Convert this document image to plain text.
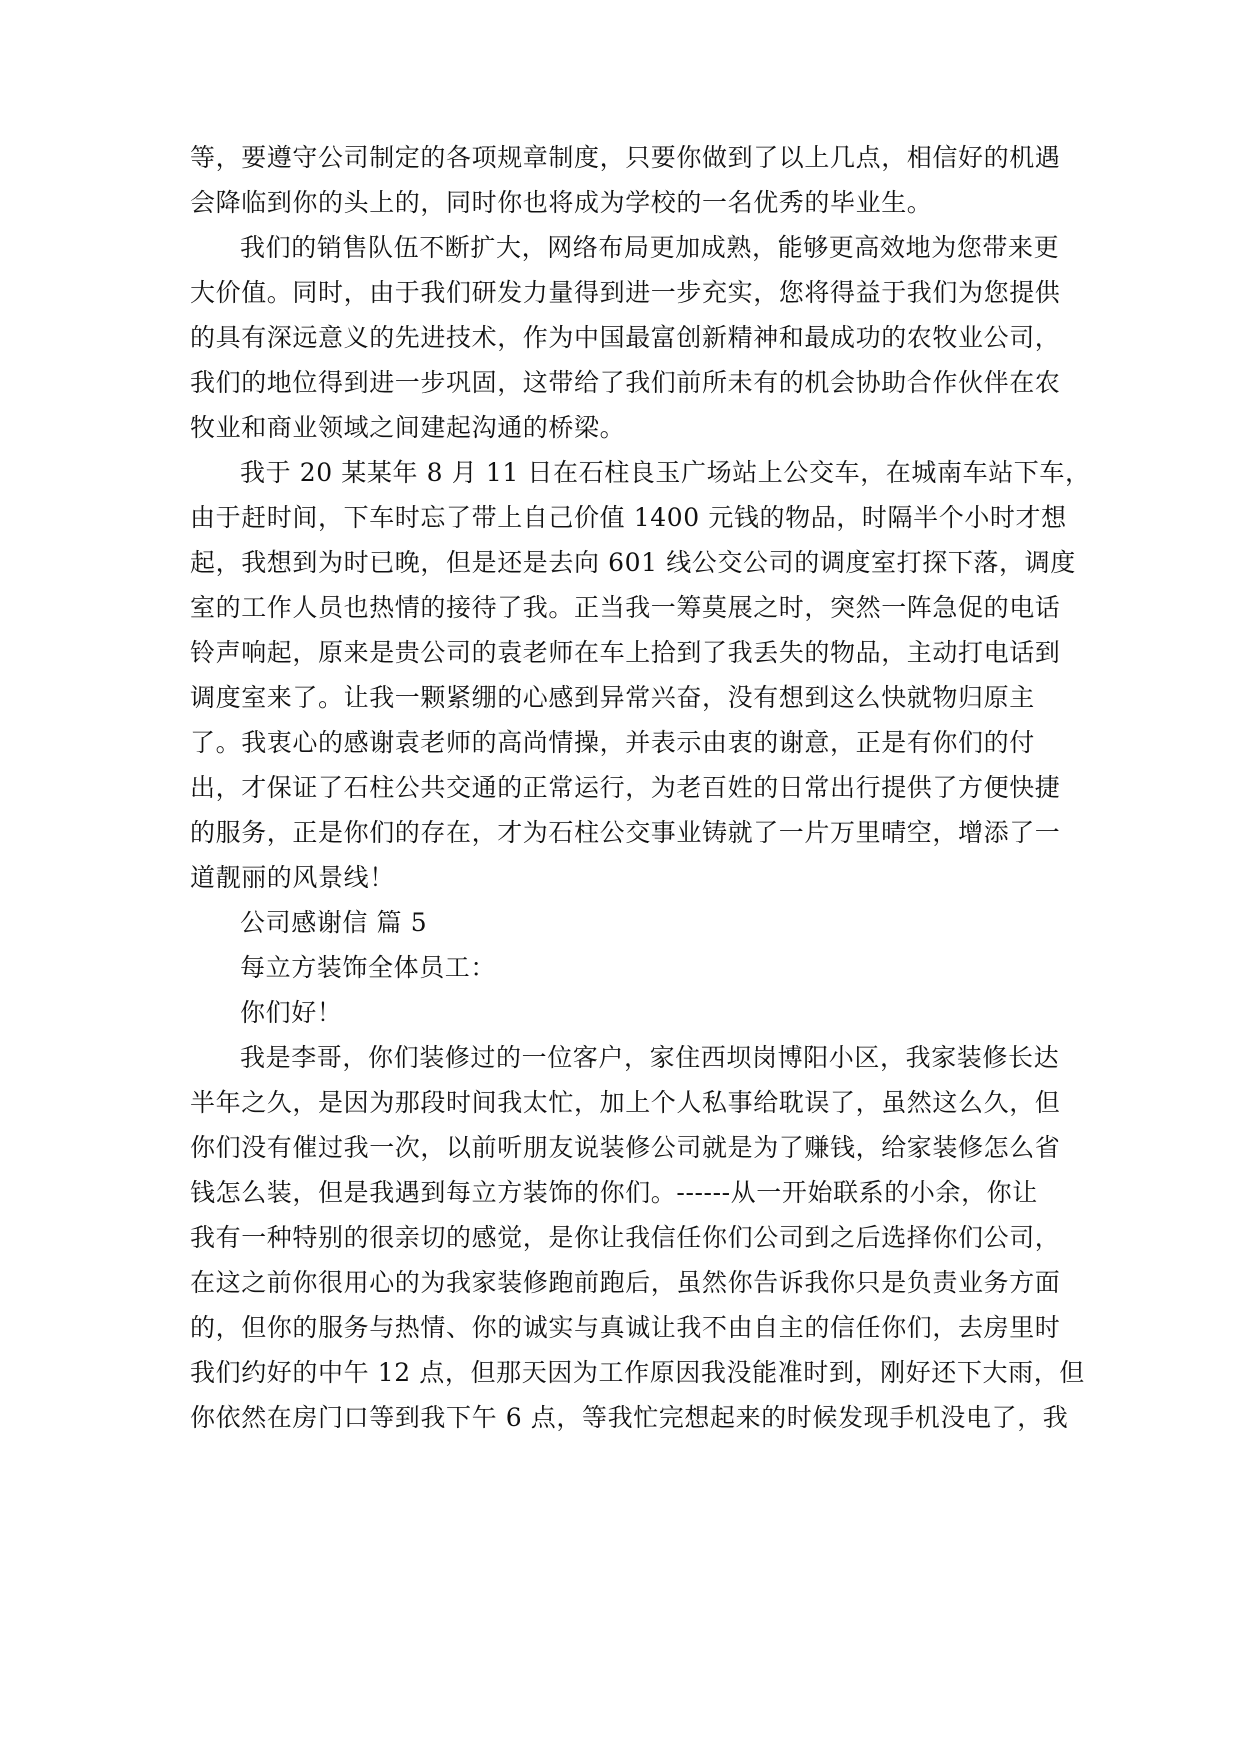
等，要遵守公司制定的各项规章制度，只要你做到了以上几点，相信好的机遇
会降临到你的头上的，同时你也将成为学校的一名优秀的毕业生。
我们的销售队伍不断扩大，网络布局更加成熟，能够更高效地为您带来更
大价值。同时，由于我们研发力量得到进一步充实，您将得益于我们为您提供
的具有深远意义的先进技术，作为中国最富创新精神和最成功的农牧业公司，
我们的地位得到进一步巩固，这带给了我们前所未有的机会协助合作伙伴在农
牧业和商业领域之间建起沟通的桥梁。
我于 20 某某年 8 月 11 日在石柱良玉广场站上公交车，在城南车站下车，
由于赶时间，下车时忘了带上自己价值 1400 元钱的物品，时隔半个小时才想
起，我想到为时已晚，但是还是去向 601 线公交公司的调度室打探下落，调度
室的工作人员也热情的接待了我。正当我一筹莫展之时，突然一阵急促的电话
铃声响起，原来是贵公司的袁老师在车上拾到了我丢失的物品，主动打电话到
调度室来了。让我一颗紧绷的心感到异常兴奋，没有想到这么快就物归原主
了。我衷心的感谢袁老师的高尚情操，并表示由衷的谢意，正是有你们的付
出，才保证了石柱公共交通的正常运行，为老百姓的日常出行提供了方便快捷
的服务，正是你们的存在，才为石柱公交事业铸就了一片万里晴空，增添了一
道靓丽的风景线！
公司感谢信 篇 5
每立方装饰全体员工：
你们好！
我是李哥，你们装修过的一位客户，家住西坝岗博阳小区，我家装修长达
半年之久，是因为那段时间我太忙，加上个人私事给耽误了，虽然这么久，但
你们没有催过我一次，以前听朋友说装修公司就是为了赚钱，给家装修怎么省
钱怎么装，但是我遇到每立方装饰的你们。------从一开始联系的小余，你让
我有一种特别的很亲切的感觉，是你让我信任你们公司到之后选择你们公司，
在这之前你很用心的为我家装修跑前跑后，虽然你告诉我你只是负责业务方面
的，但你的服务与热情、你的诚实与真诚让我不由自主的信任你们，去房里时
我们约好的中午 12 点，但那天因为工作原因我没能准时到，刚好还下大雨，但
你依然在房门口等到我下午 6 点，等我忙完想起来的时候发现手机没电了，我
